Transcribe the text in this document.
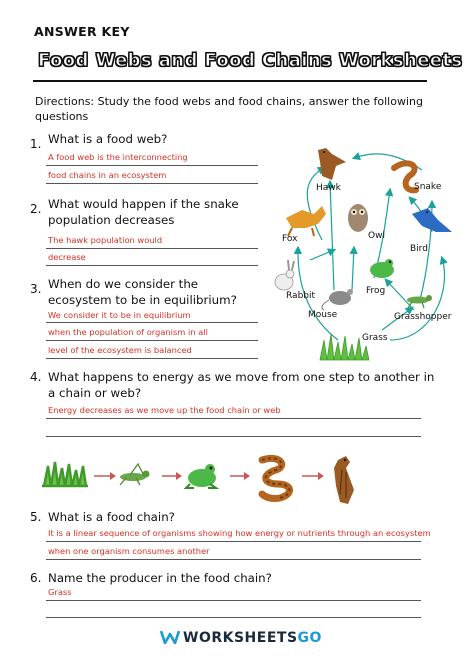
ANSWER KEY
Food Webs and Food Chains Worksheets
Directions: Study the food webs and food chains, answer the following questions
1. What is a food web?
A food web is the interconnecting
food chains in an ecosystem
2. What would happen if the snake population decreases
The hawk population would
decrease
3. When do we consider the ecosystem to be in equilibrium?
We consider it to be in equilibrium
when the population of organism in all
level of the ecosystem is balanced
4. What happens to energy as we move from one step to another in a chain or web?
Energy decreases as we move up the food chain or web
Hawk	Snake
Fox	Owl
Bird
Rabbit	Frog
Mouse	Grasshopper
Grass
5. What is a food chain?
It is a linear sequence of organisms showing how energy or nutrients through an ecosystem
when one organism consumes another
6. Name the producer in the food chain?
Grass
WORKSHEETSGO
